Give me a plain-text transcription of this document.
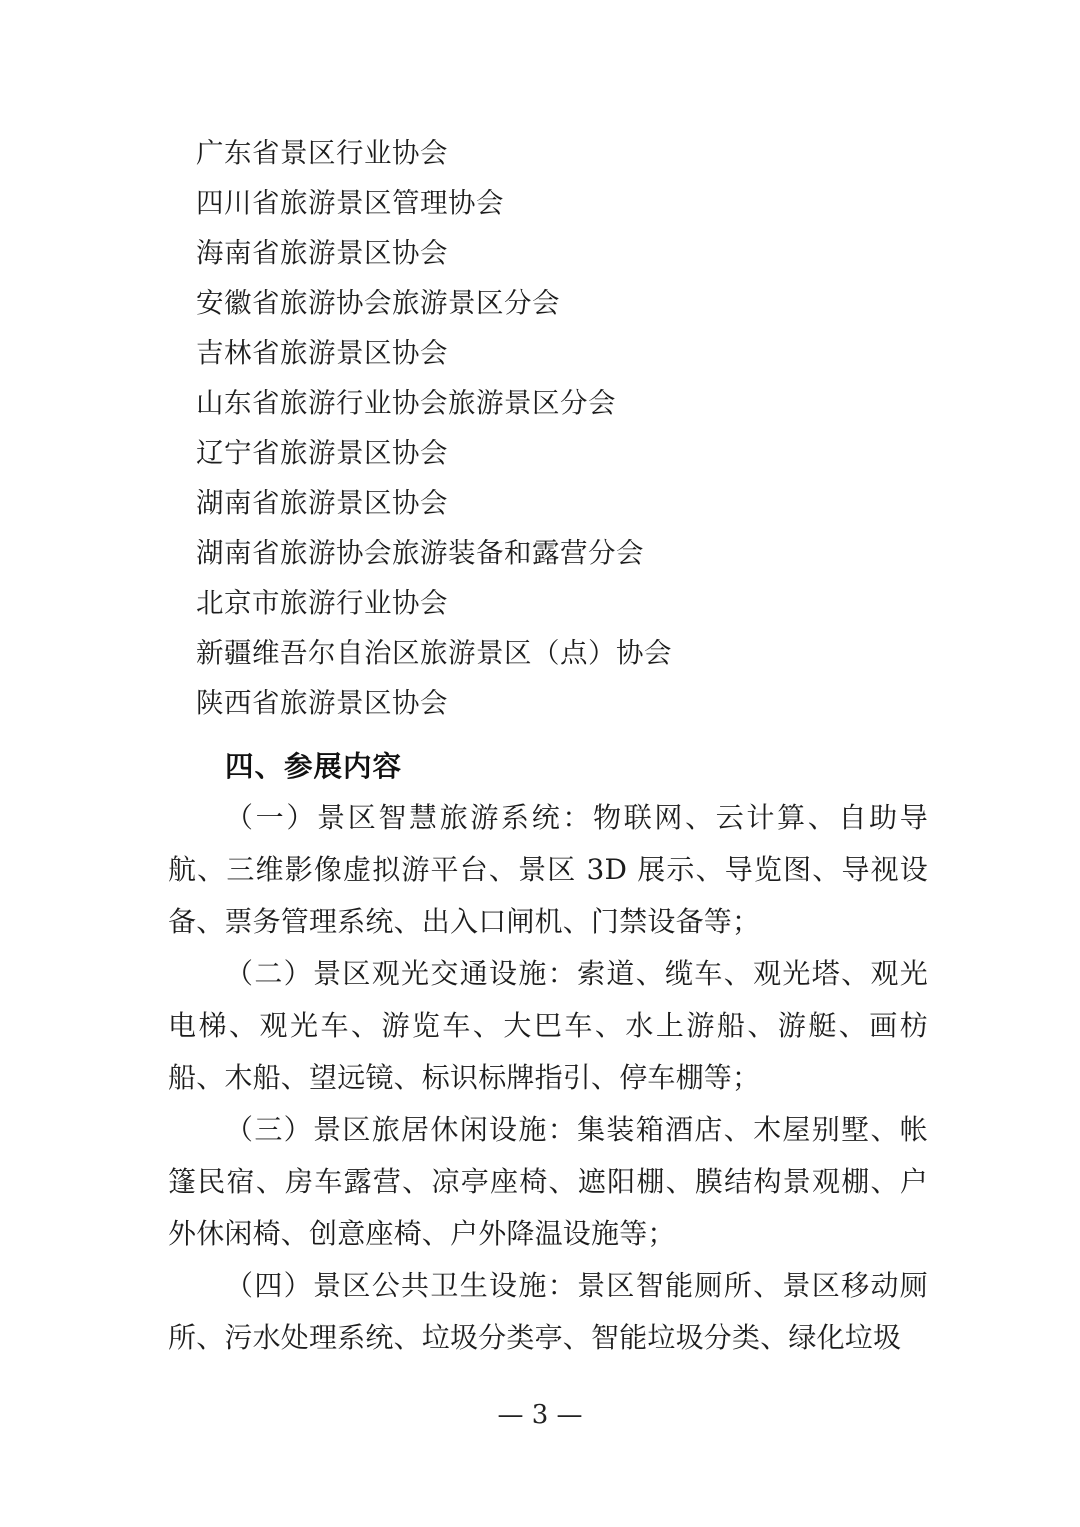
广东省景区行业协会
四川省旅游景区管理协会
海南省旅游景区协会
安徽省旅游协会旅游景区分会
吉林省旅游景区协会
山东省旅游行业协会旅游景区分会
辽宁省旅游景区协会
湖南省旅游景区协会
湖南省旅游协会旅游装备和露营分会
北京市旅游行业协会
新疆维吾尔自治区旅游景区（点）协会
陕西省旅游景区协会
四、参展内容

（一）景区智慧旅游系统：物联网、云计算、自助导航、三维影像虚拟游平台、景区 3D 展示、导览图、导视设备、票务管理系统、出入口闸机、门禁设备等；

（二）景区观光交通设施：索道、缆车、观光塔、观光电梯、观光车、游览车、大巴车、水上游船、游艇、画枋船、木船、望远镜、标识标牌指引、停车棚等；

（三）景区旅居休闲设施：集装箱酒店、木屋别墅、帐篷民宿、房车露营、凉亭座椅、遮阳棚、膜结构景观棚、户外休闲椅、创意座椅、户外降温设施等；

（四）景区公共卫生设施：景区智能厕所、景区移动厕所、污水处理系统、垃圾分类亭、智能垃圾分类、绿化垃圾

— 3 —
